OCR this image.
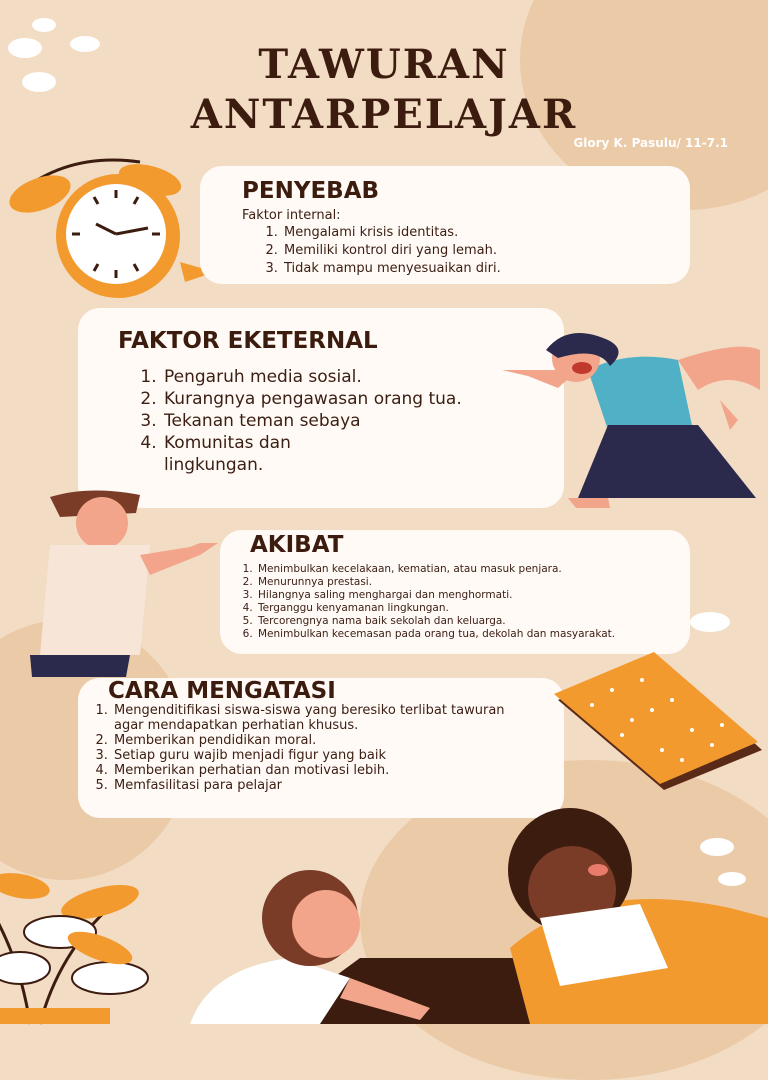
TAWURAN
ANTARPELAJAR
Glory K. Pasulu/ 11-7.1
PENYEBAB
Faktor internal:
1. Mengalami krisis identitas.
2. Memiliki kontrol diri yang lemah.
3. Tidak mampu menyesuaikan diri.
FAKTOR EKETERNAL
1. Pengaruh media sosial.
2. Kurangnya pengawasan orang tua.
3. Tekanan teman sebaya
4. Komunitas dan lingkungan.
AKIBAT
1. Menimbulkan kecelakaan, kematian, atau masuk penjara.
2. Menurunnya prestasi.
3. Hilangnya saling menghargai dan menghormati.
4. Terganggu kenyamanan lingkungan.
5. Tercorengnya nama baik sekolah dan keluarga.
6. Menimbulkan kecemasan pada orang tua, dekolah dan masyarakat.
CARA MENGATASI
1. Mengenditifikasi siswa-siswa yang beresiko terlibat tawuran agar mendapatkan perhatian khusus.
2. Memberikan pendidikan moral.
3. Setiap guru wajib menjadi figur yang baik
4. Memberikan perhatian dan motivasi lebih.
5. Memfasilitasi para pelajar
